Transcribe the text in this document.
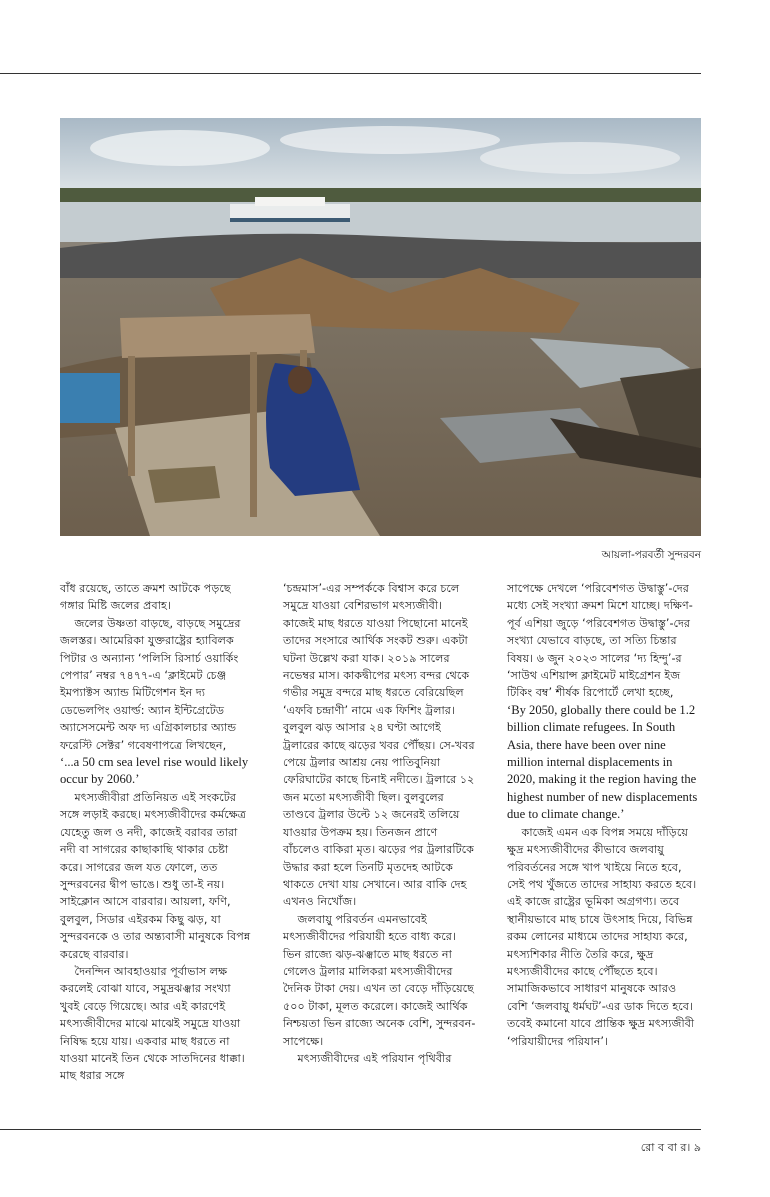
আয়লা-পরবর্তী সুন্দরবন

বাঁধ রয়েছে, তাতে ক্রমশ আটকে পড়ছে গঙ্গার মিষ্টি জলের প্রবাহ।

জলের উষ্ণতা বাড়ছে, বাড়ছে সমুদ্রের জলস্তর। আমেরিকা যুক্তরাষ্ট্রের হ্যাবিলক পিটার ও অন্যান্য ‘পলিসি রিসার্চ ওয়ার্কিং পেপার’ নম্বর ৭৪৭৭-এ ‘ক্লাইমেট চেঞ্জ ইমপ্যাক্টস অ্যান্ড মিটিগেশন ইন দ্য ডেভেলপিং ওয়ার্ল্ড: অ্যান ইন্টিগ্রেটেড অ্যাসেসমেন্ট অফ দ্য এগ্রিকালচার অ্যান্ড ফরেস্টি সেক্টর’ গবেষণাপত্রে লিখছেন,

‘...a 50 cm sea level rise would likely occur by 2060.’

মৎস্যজীবীরা প্রতিনিয়ত এই সংকটের সঙ্গে লড়াই করছে। মৎস্যজীবীদের কর্মক্ষেত্র যেহেতু জল ও নদী, কাজেই বরাবর তারা নদী বা সাগরের কাছাকাছি থাকার চেষ্টা করে। সাগরের জল যত ফোলে, তত সুন্দরবনের দ্বীপ ভাঙে। শুধু তা-ই নয়। সাইক্লোন আসে বারবার। আয়লা, ফণি, বুলবুল, সিডার এইরকম কিছু ঝড়, যা সুন্দরবনকে ও তার অন্ত্যবাসী মানুষকে বিপন্ন করেছে বারবার।

দৈনন্দিন আবহাওয়ার পূর্বাভাস লক্ষ করলেই বোঝা যাবে, সমুদ্রঝঞ্ঝার সংখ্যা খুবই বেড়ে গিয়েছে। আর এই কারণেই মৎস্যজীবীদের মাঝে মাঝেই সমুদ্রে যাওয়া নিষিদ্ধ হয়ে যায়। একবার মাছ ধরতে না যাওয়া মানেই তিন থেকে সাতদিনের ধাক্কা। মাছ ধরার সঙ্গে

‘চন্দ্রমাস’-এর সম্পর্ককে বিশ্বাস করে চলে সমুদ্রে যাওয়া বেশিরভাগ মৎস্যজীবী। কাজেই মাছ ধরতে যাওয়া পিছোনো মানেই তাদের সংসারে আর্থিক সংকট শুরু। একটা ঘটনা উল্লেখ করা যাক। ২০১৯ সালের নভেম্বর মাস। কাকদ্বীপের মৎস্য বন্দর থেকে গভীর সমুদ্র বন্দরে মাছ ধরতে বেরিয়েছিল ‘এফবি চন্দ্রাণী’ নামে এক ফিশিং ট্রলার। বুলবুল ঝড় আসার ২৪ ঘণ্টা আগেই ট্রলারের কাছে ঝড়ের খবর পৌঁছয়। সে-খবর পেয়ে ট্রলার আশ্রয় নেয় পাতিবুনিয়া ফেরিঘাটের কাছে চিনাই নদীতে। ট্রলারে ১২ জন মতো মৎস্যজীবী ছিল। বুলবুলের তাণ্ডবে ট্রলার উল্টে ১২ জনেরই তলিয়ে যাওয়ার উপক্রম হয়। তিনজন প্রাণে বাঁচলেও বাকিরা মৃত। ঝড়ের পর ট্রলারটিকে উদ্ধার করা হলে তিনটি মৃতদেহ আটকে থাকতে দেখা যায় সেখানে। আর বাকি দেহ এখনও নিখোঁজ।

জলবায়ু পরিবর্তন এমনভাবেই মৎস্যজীবীদের পরিযায়ী হতে বাধ্য করে। ভিন রাজ্যে ঝড়-ঝঞ্ঝাতে মাছ ধরতে না গেলেও ট্রলার মালিকরা মৎস্যজীবীদের দৈনিক টাকা দেয়। এখন তা বেড়ে দাঁড়িয়েছে ৫০০ টাকা, মূলত করেলে। কাজেই আর্থিক নিশ্চয়তা ভিন রাজ্যে অনেক বেশি, সুন্দরবন-সাপেক্ষে।

মৎস্যজীবীদের এই পরিযান পৃথিবীর

সাপেক্ষে দেখলে ‘পরিবেশগত উদ্বাস্তু’-দের মধ্যে সেই সংখ্যা ক্রমশ মিশে যাচ্ছে। দক্ষিণ-পূর্ব এশিয়া জুড়ে ‘পরিবেশগত উদ্বাস্তু’-দের সংখ্যা যেভাবে বাড়ছে, তা সত্যি চিন্তার বিষয়। ৬ জুন ২০২৩ সালের ‘দ্য হিন্দু’-র ‘সাউথ এশিয়ান্স ক্লাইমেট মাইগ্রেশন ইজ টিকিং বম্ব’ শীর্ষক রিপোর্টে লেখা হচ্ছে,

‘By 2050, globally there could be 1.2 billion climate refugees. In South Asia, there have been over nine million internal displacements in 2020, making it the region having the highest number of new displacements due to climate change.’

কাজেই এমন এক বিপন্ন সময়ে দাঁড়িয়ে ক্ষুদ্র মৎস্যজীবীদের কীভাবে জলবায়ু পরিবর্তনের সঙ্গে খাপ খাইয়ে নিতে হবে, সেই পথ খুঁজতে তাদের সাহায্য করতে হবে। এই কাজে রাষ্ট্রের ভূমিকা অগ্রগণ্য। তবে স্থানীয়ভাবে মাছ চাষে উৎসাহ দিয়ে, বিভিন্ন রকম লোনের মাধ্যমে তাদের সাহায্য করে, মৎস্যশিকার নীতি তৈরি করে, ক্ষুদ্র মৎস্যজীবীদের কাছে পৌঁছতে হবে। সামাজিকভাবে সাধারণ মানুষকে আরও বেশি ‘জলবায়ু ধর্মঘট’-এর ডাক দিতে হবে। তবেই কমানো যাবে প্রান্তিক ক্ষুদ্র মৎস্যজীবী ‘পরিযায়ীদের পরিযান’।

রো ব বা র। ৯
